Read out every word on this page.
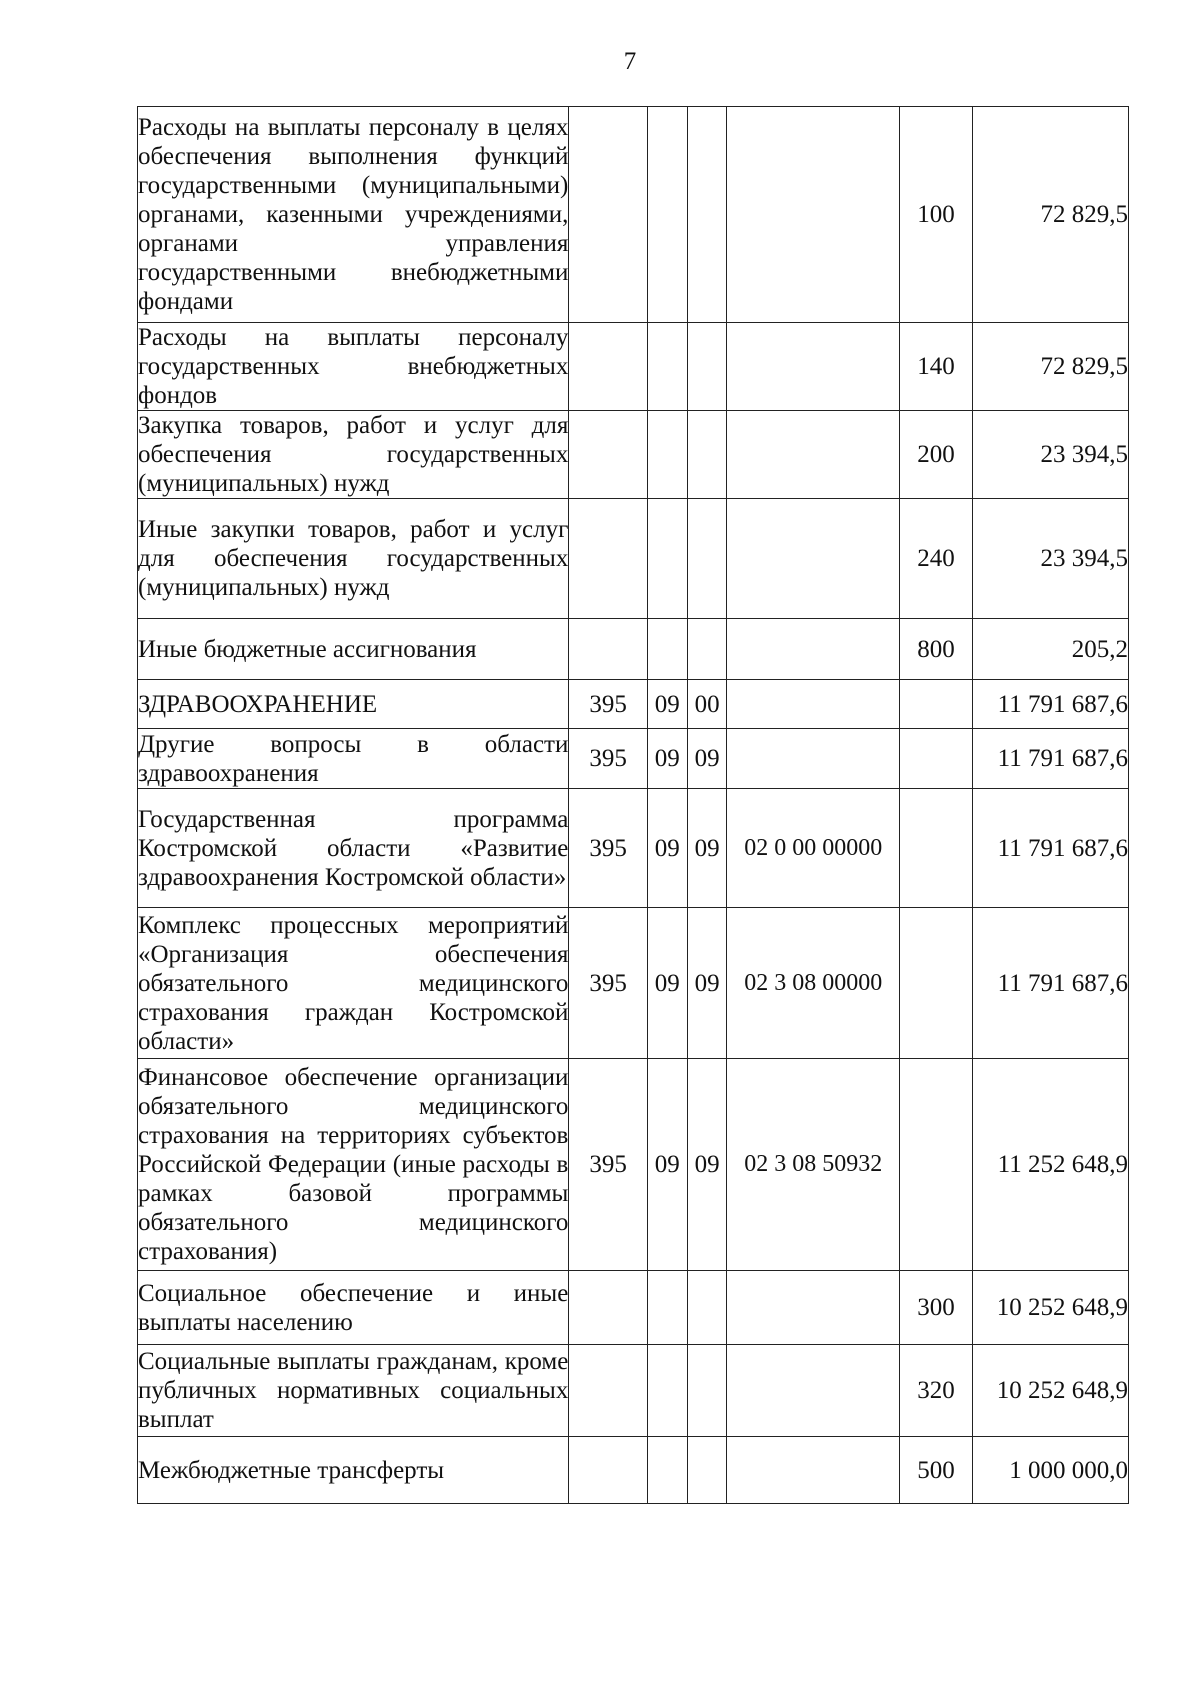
7
Расходы на выплаты персоналу в целях обеспечения выполнения функций государственными (муниципальными) органами, казенными учреждениями, органами управления государственными внебюджетными фондами					100	72 829,5
Расходы на выплаты персоналу государственных внебюджетных фондов					140	72 829,5
Закупка товаров, работ и услуг для обеспечения государственных (муниципальных) нужд					200	23 394,5
Иные закупки товаров, работ и услуг для обеспечения государственных (муниципальных) нужд					240	23 394,5
Иные бюджетные ассигнования					800	205,2
ЗДРАВООХРАНЕНИЕ	395	09	00			11 791 687,6
Другие вопросы в области здравоохранения	395	09	09			11 791 687,6
Государственная программа Костромской области «Развитие здравоохранения Костромской области»	395	09	09	02 0 00 00000		11 791 687,6
Комплекс процессных мероприятий «Организация обеспечения обязательного медицинского страхования граждан Костромской области»	395	09	09	02 3 08 00000		11 791 687,6
Финансовое обеспечение организации обязательного медицинского страхования на территориях субъектов Российской Федерации (иные расходы в рамках базовой программы обязательного медицинского страхования)	395	09	09	02 3 08 50932		11 252 648,9
Социальное обеспечение и иные выплаты населению					300	10 252 648,9
Социальные выплаты гражданам, кроме публичных нормативных социальных выплат					320	10 252 648,9
Межбюджетные трансферты					500	1 000 000,0
